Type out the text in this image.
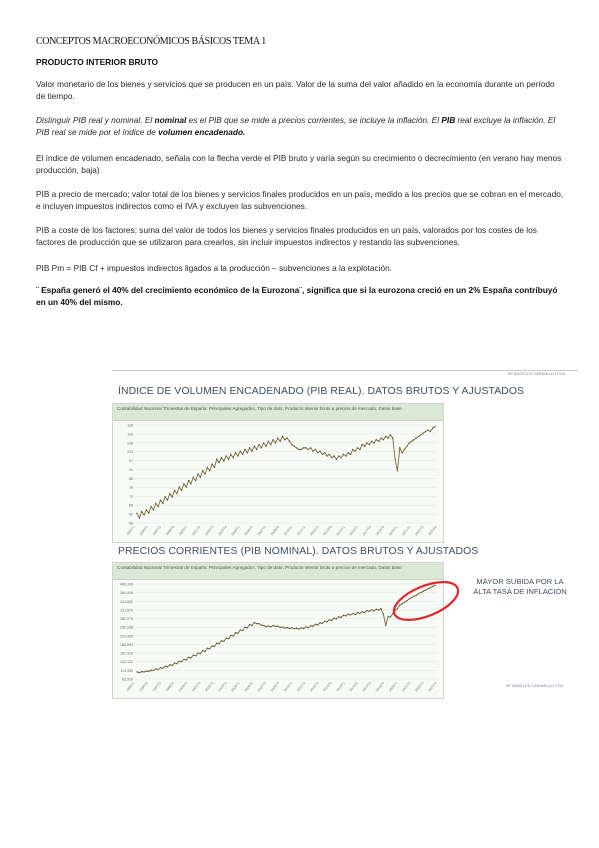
CONCEPTOS MACROECONÓMICOS BÁSICOS TEMA 1
PRODUCTO INTERIOR BRUTO
Valor monetario de los bienes y servicios que se producen en un país. Valor de la suma del valor añadido en la economía durante un período de tiempo.
Distinguir PIB real y nominal. El nominal es el PIB que se mide a precios corrientes, se incluye la inflación. El PIB real excluye la inflación. El PIB real se mide por el índice de volumen encadenado.
El índice de volumen encadenado, señala con la flecha verde el PIB bruto y varía según su crecimiento o decrecimiento (en verano hay menos producción, baja)
PIB a precio de mercado; valor total de los bienes y servicios finales producidos en un país, medido a los precios que se cobran en el mercado, e incluyen impuestos indirectos como el IVA y excluyen las subvenciones.
PIB a coste de los factores; suma del valor de todos los bienes y servicios finales producidos en un país, valorados por los costes de los factores de producción que se utilizaron para crearlos, sin incluir impuestos indirectos y restando las subvenciones.
PIB Pm = PIB Cf + impuestos indirectos ligados a la producción – subvenciones a la explotación.
¨ España generó el 40% del crecimiento económico de la Eurozona¨, significa que si la eurozona creció en un 2% España contribuyó en un 40% del mismo.
Mª ÁNGELES CARAMILLO POU
ÍNDICE DE VOLUMEN ENCADENADO (PIB REAL). DATOS BRUTOS Y AJUSTADOS
Contabilidad Nacional Trimestral de España: Principales Agregados, Tipo de dato, Producto interior bruto a precios de mercado, Datos base
58
62
68
73
79
85
91
97
103
108
114
118
1995T1 1996T2 1997T3 1998T4 2000T1 2001T2 2002T3 2003T4 2005T1 2006T2 2007T3 2008T4 2010T1 2011T2 2012T3 2013T4 2015T1 2016T2 2017T3 2018T4 2020T1 2021T2 2022T3 2023T4
PRECIOS CORRIENTES (PIB NOMINAL). DATOS BRUTOS Y AJUSTADOS
Contabilidad Nacional Trimestral de España: Principales Agregados, Tipo de dato, Producto interior bruto a precios de mercado, Datos base
83.539
113.330
143.122
162.913
188.693
222.495
252.288
282.079
311.870
341.662
364.448
400.339
1995T1 1996T2 1997T3 1998T4 2000T1 2001T2 2002T3 2003T4 2005T1 2006T2 2007T3 2008T4 2010T1 2011T2 2012T3 2013T4 2015T1 2016T2 2017T3 2018T4 2020T1 2021T2 2022T3 2023T4
MAYOR SUBIDA POR LA ALTA TASA DE INFLACIÓN
Mª ÁNGELES CARAMILLO POU
